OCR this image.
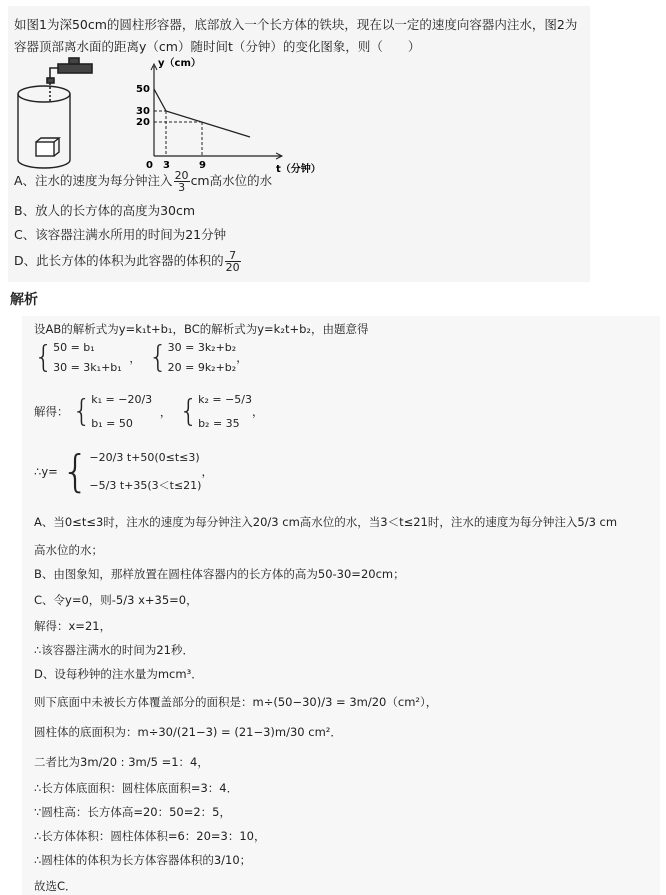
如图1为深50cm的圆柱形容器，底部放入一个长方体的铁块，现在以一定的速度向容器内注水，图2为容器顶部离水面的距离y（cm）随时间t（分钟）的变化图象，则（　　）
y（cm）
t（分钟）
50
30
20
0 3	9
A、注水的速度为每分钟注入 $\frac{20}{3}$ cm高水位的水
B、放人的长方体的高度为30cm
C、该容器注满水所用的时间为21分钟
D、此长方体的体积为此容器的体积的 $\frac{7}{20}$
解析
设AB的解析式为y=k₁t+b₁，BC的解析式为y=k₂t+b₂，由题意得
{50 = b₁
30 = 3k₁+b₁ ， {30 = 3k₂+b₂
20 = 9k₂+b₂，
解得： {k₁ = −20/3
b₁ = 50 ， {k₂ = −5/3
b₂ = 35，
∴y= {−20/3 t+50(0≤t≤3)
−5/3 t+35(3＜t≤21)，
A、当0≤t≤3时，注水的速度为每分钟注入20/3 cm高水位的水，当3＜t≤21时，注水的速度为每分钟注入5/3 cm
高水位的水；
B、由图象知，那样放置在圆柱体容器内的长方体的高为50-30=20cm；
C、令y=0，则-5/3 x+35=0，
解得：x=21，
∴该容器注满水的时间为21秒．
D、设每秒钟的注水量为mcm³．
则下底面中未被长方体覆盖部分的面积是：m÷(50−30)/3 = 3m/20（cm²），
圆柱体的底面积为：m÷30/(21−3) = (21−3)m/30 cm²．
二者比为3m/20 : 3m/5 =1：4，
∴长方体底面积：圆柱体底面积=3：4．
∵圆柱高：长方体高=20：50=2：5，
∴长方体体积：圆柱体体积=6：20=3：10，
∴圆柱体的体积为长方体容器体积的3/10；
故选C．
